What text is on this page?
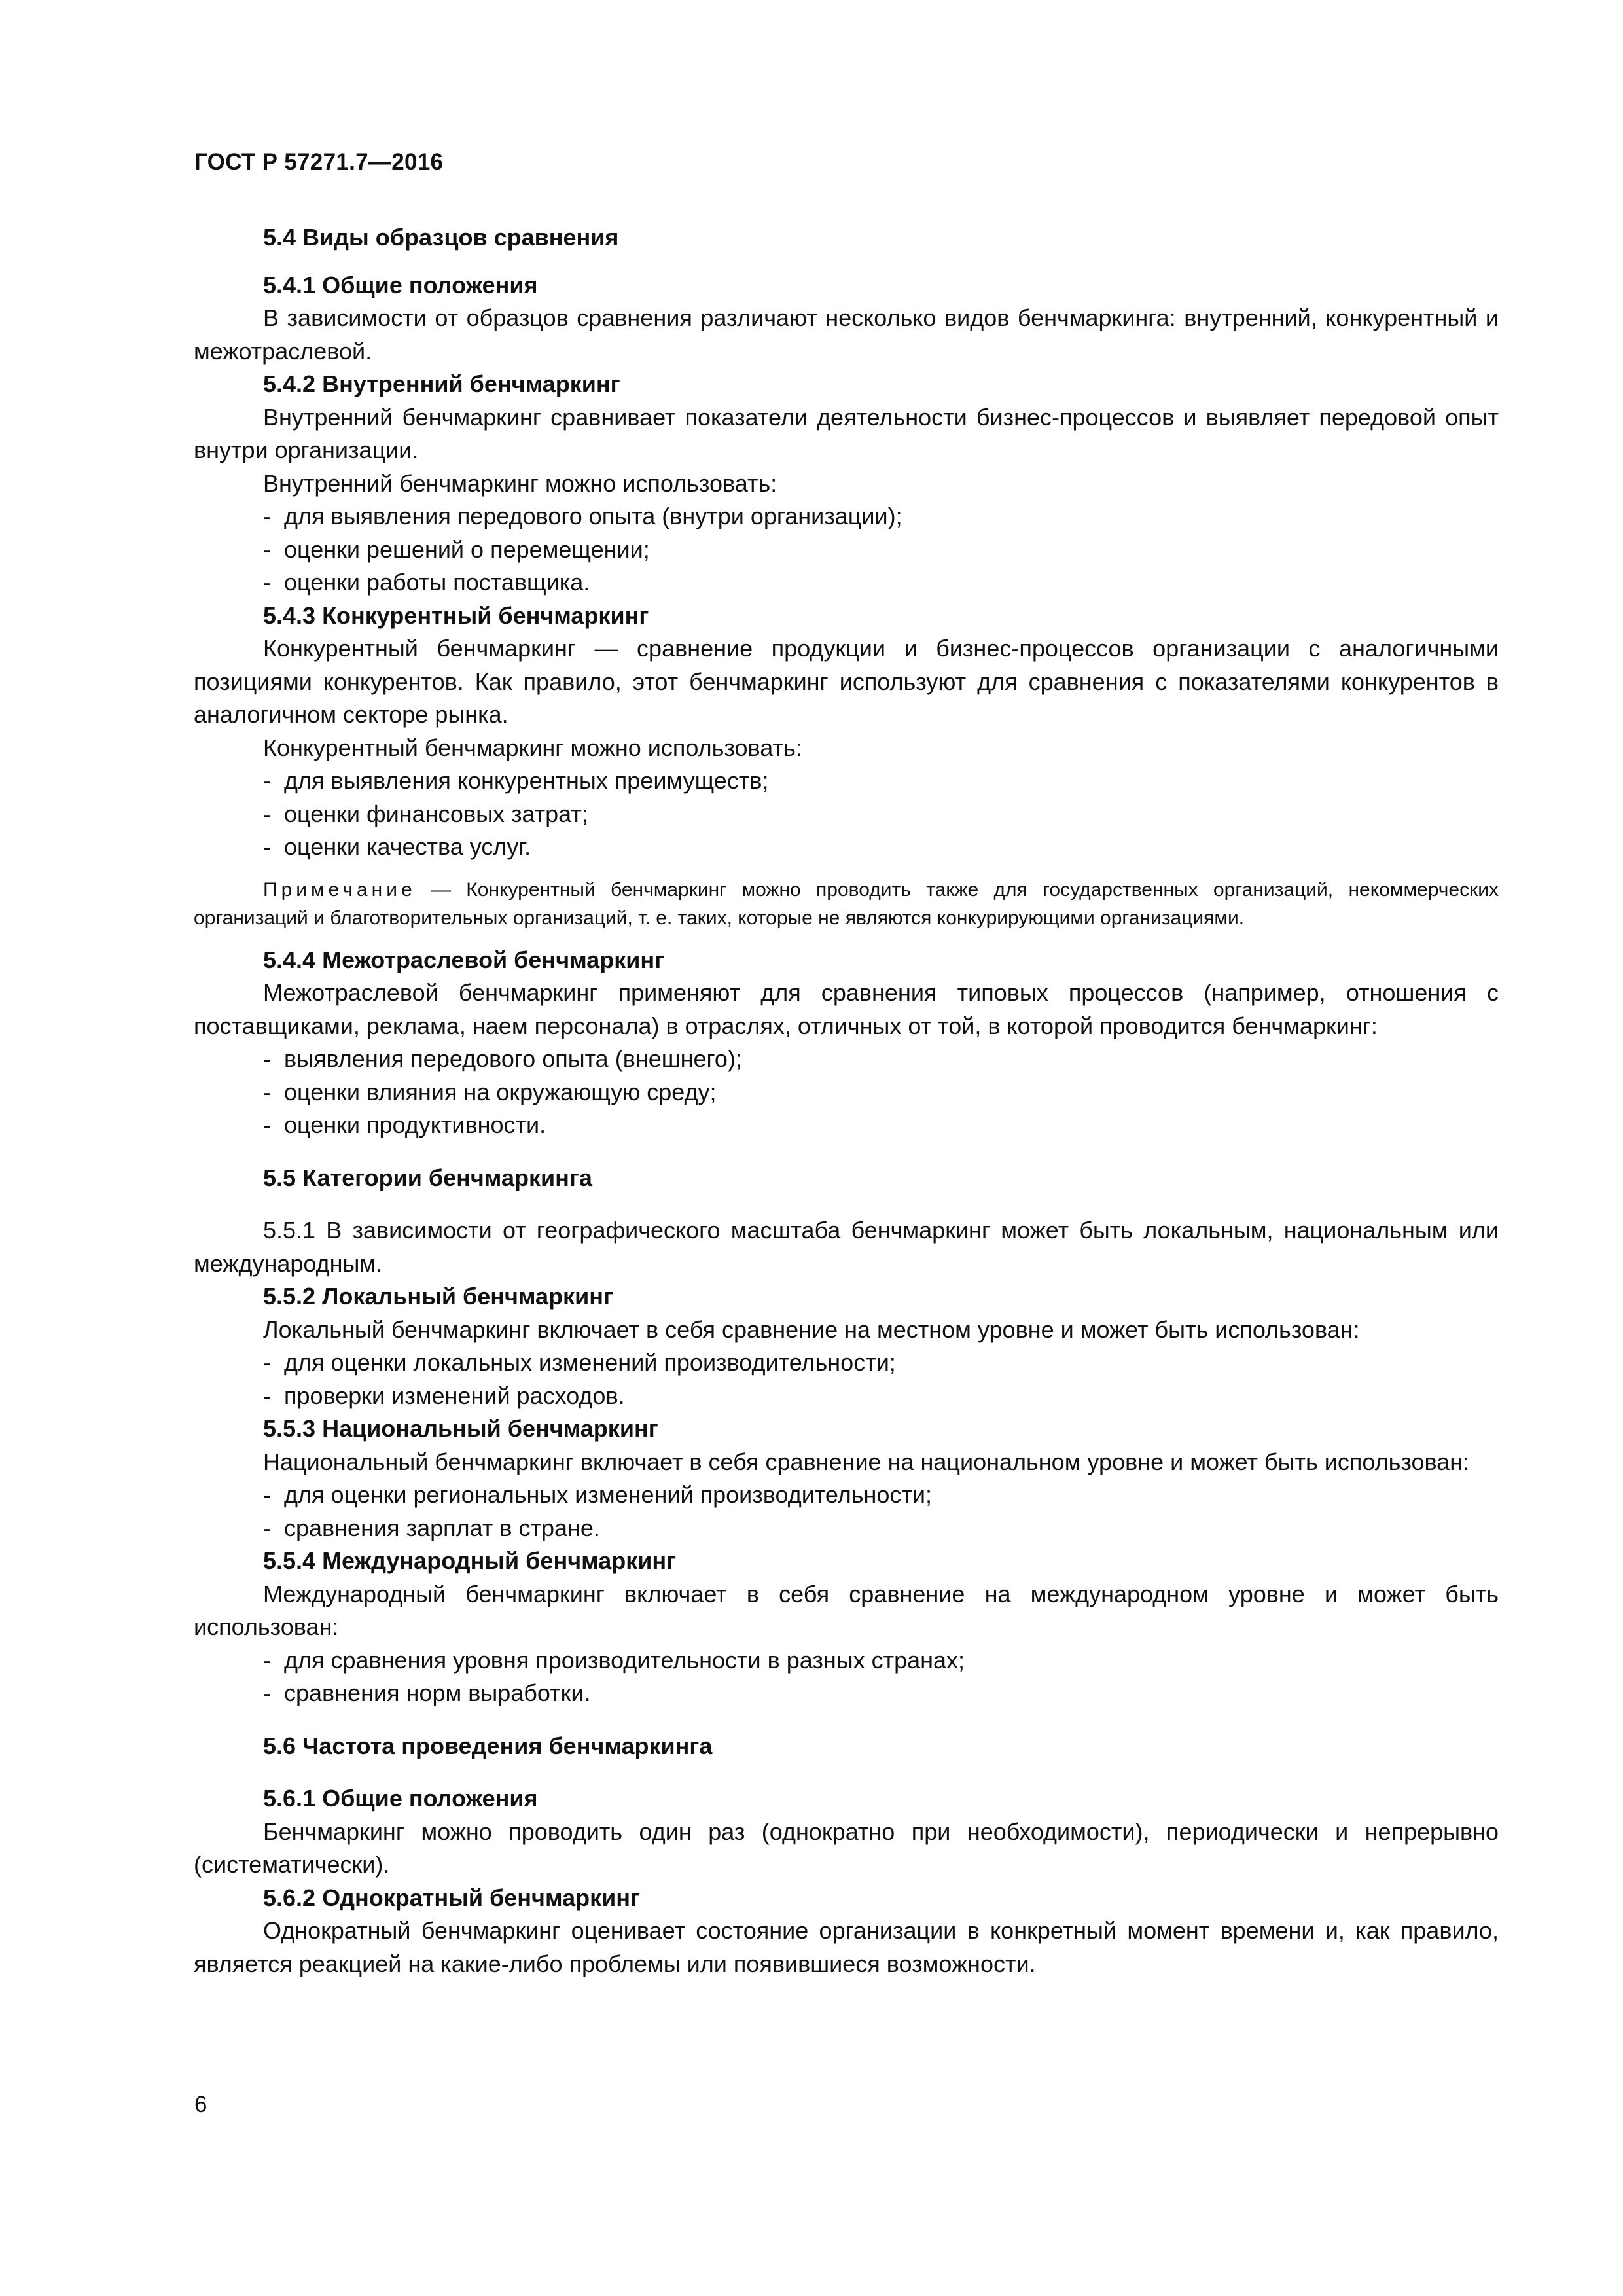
ГОСТ Р 57271.7—2016

5.4 Виды образцов сравнения

5.4.1 Общие положения

В зависимости от образцов сравнения различают несколько видов бенчмаркинга: внутренний, конкурентный и межотраслевой.

5.4.2 Внутренний бенчмаркинг

Внутренний бенчмаркинг сравнивает показатели деятельности бизнес-процессов и выявляет передовой опыт внутри организации.

Внутренний бенчмаркинг можно использовать:

- для выявления передового опыта (внутри организации);

- оценки решений о перемещении;

- оценки работы поставщика.

5.4.3 Конкурентный бенчмаркинг

Конкурентный бенчмаркинг — сравнение продукции и бизнес-процессов организации с аналогичными позициями конкурентов. Как правило, этот бенчмаркинг используют для сравнения с показателями конкурентов в аналогичном секторе рынка.

Конкурентный бенчмаркинг можно использовать:

- для выявления конкурентных преимуществ;

- оценки финансовых затрат;

- оценки качества услуг.

Примечание — Конкурентный бенчмаркинг можно проводить также для государственных организаций, некоммерческих организаций и благотворительных организаций, т. е. таких, которые не являются конкурирующими организациями.

5.4.4 Межотраслевой бенчмаркинг

Межотраслевой бенчмаркинг применяют для сравнения типовых процессов (например, отношения с поставщиками, реклама, наем персонала) в отраслях, отличных от той, в которой проводится бенчмаркинг:

- выявления передового опыта (внешнего);

- оценки влияния на окружающую среду;

- оценки продуктивности.

5.5 Категории бенчмаркинга

5.5.1 В зависимости от географического масштаба бенчмаркинг может быть локальным, национальным или международным.

5.5.2 Локальный бенчмаркинг

Локальный бенчмаркинг включает в себя сравнение на местном уровне и может быть использован:

- для оценки локальных изменений производительности;

- проверки изменений расходов.

5.5.3 Национальный бенчмаркинг

Национальный бенчмаркинг включает в себя сравнение на национальном уровне и может быть использован:

- для оценки региональных изменений производительности;

- сравнения зарплат в стране.

5.5.4 Международный бенчмаркинг

Международный бенчмаркинг включает в себя сравнение на международном уровне и может быть использован:

- для сравнения уровня производительности в разных странах;

- сравнения норм выработки.

5.6 Частота проведения бенчмаркинга

5.6.1 Общие положения

Бенчмаркинг можно проводить один раз (однократно при необходимости), периодически и непрерывно (систематически).

5.6.2 Однократный бенчмаркинг

Однократный бенчмаркинг оценивает состояние организации в конкретный момент времени и, как правило, является реакцией на какие-либо проблемы или появившиеся возможности.

6
